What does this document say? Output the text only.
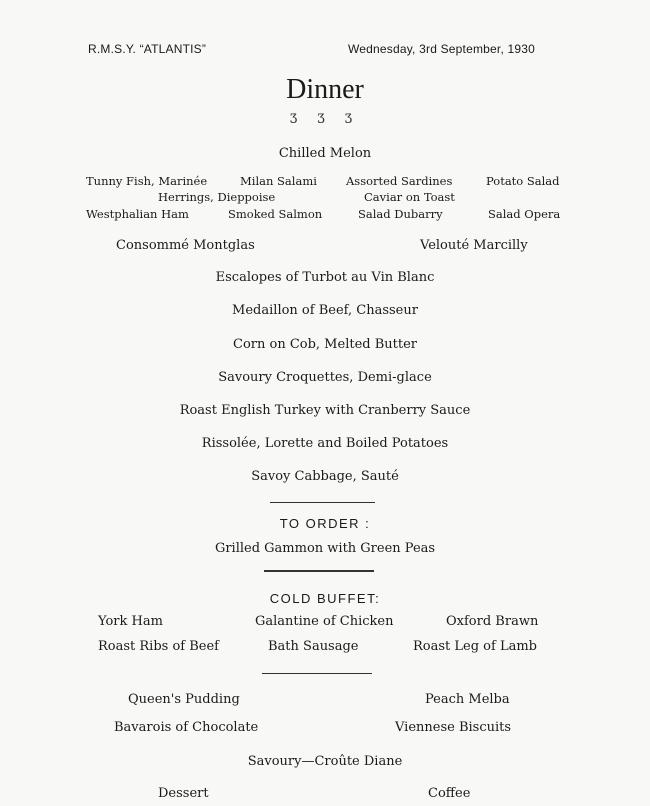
R.M.S.Y. “ATLANTIS”	Wednesday, 3rd September, 1930
Dinner
Ʒ Ʒ Ʒ
Chilled Melon
Tunny Fish, Marinée	Milan Salami	Assorted Sardines	Potato Salad
Herrings, Dieppoise	Caviar on Toast
Westphalian Ham	Smoked Salmon	Salad Dubarry	Salad Opera
Consommé Montglas	Velouté Marcilly
Escalopes of Turbot au Vin Blanc
Medaillon of Beef, Chasseur
Corn on Cob, Melted Butter
Savoury Croquettes, Demi-glace
Roast English Turkey with Cranberry Sauce
Rissolée, Lorette and Boiled Potatoes
Savoy Cabbage, Sauté
TO ORDER :
Grilled Gammon with Green Peas
COLD BUFFET:
York Ham	Galantine of Chicken	Oxford Brawn
Roast Ribs of Beef	Bath Sausage	Roast Leg of Lamb
Queen's Pudding	Peach Melba
Bavarois of Chocolate	Viennese Biscuits
Savoury—Croûte Diane
Dessert	Coffee
